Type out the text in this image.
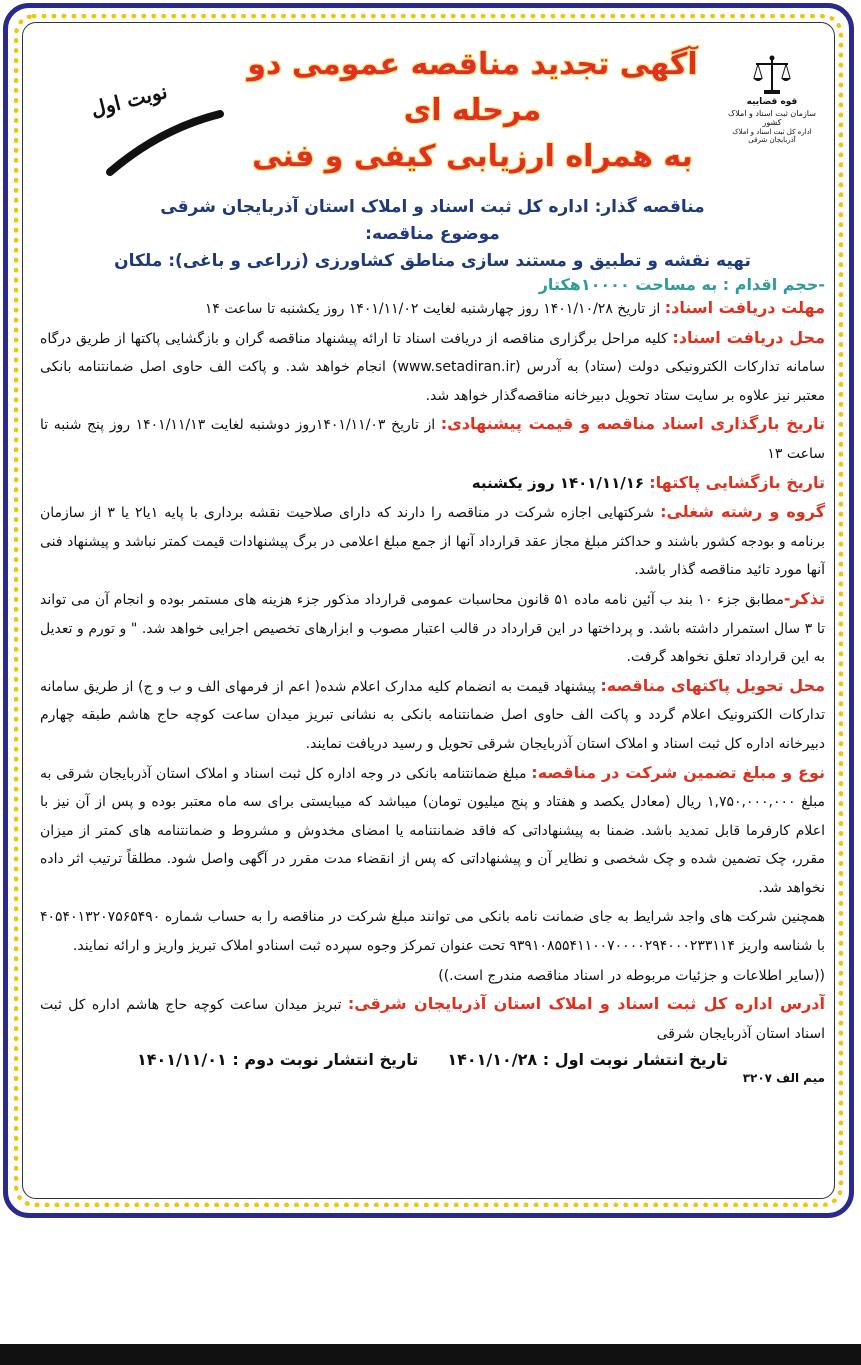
قوه قضاییه
سازمان ثبت اسناد و املاک کشور
اداره کل ثبت اسناد و املاک آذربایجان شرقی
نوبت اول
آگهی تجدید مناقصه عمومی دو مرحله ای
به همراه ارزیابی کیفی و فنی
مناقصه گذار: اداره کل ثبت اسناد و املاک استان آذربایجان شرقی
موضوع مناقصه:
تهیه نقشه و تطبیق و مستند سازی مناطق کشاورزی (زراعی و باغی): ملکان
-حجم اقدام : به مساحت ۱۰۰۰۰هکتار

مهلت دریافت اسناد: از تاریخ ۱۴۰۱/۱۰/۲۸ روز چهارشنبه لغایت ۱۴۰۱/۱۱/۰۲ روز یکشنبه تا ساعت ۱۴

محل دریافت اسناد: کلیه مراحل برگزاری مناقصه از دریافت اسناد تا ارائه پیشنهاد مناقصه گران و بازگشایی پاکتها از طریق درگاه سامانه تدارکات الکترونیکی دولت (ستاد) به آدرس (www.setadiran.ir) انجام خواهد شد. و پاکت الف حاوی اصل ضمانتنامه بانکی معتبر نیز علاوه بر سایت ستاد تحویل دبیرخانه مناقصه‌گذار خواهد شد.

تاریخ بارگذاری اسناد مناقصه و قیمت پیشنهادی: از تاریخ ۱۴۰۱/۱۱/۰۳روز دوشنبه لغایت ۱۴۰۱/۱۱/۱۳ روز پنج شنبه تا ساعت ۱۳

تاریخ بازگشایی پاکتها: ۱۴۰۱/۱۱/۱۶ روز یکشنبه

گروه و رشته شغلی: شرکتهایی اجازه شرکت در مناقصه را دارند که دارای صلاحیت نقشه برداری با پایه ۱یا۲ یا ۳ از سازمان برنامه و بودجه کشور باشند و حداکثر مبلغ مجاز عقد قرارداد آنها از جمع مبلغ اعلامی در برگ پیشنهادات قیمت کمتر نباشد و پیشنهاد فنی آنها مورد تائید مناقصه گذار باشد.

تذکر-مطابق جزء ۱۰ بند ب آئین نامه ماده ۵۱ قانون محاسبات عمومی قرارداد مذکور جزء هزینه های مستمر بوده و انجام آن می تواند تا ۳ سال استمرار داشته باشد. و پرداختها در این قرارداد در قالب اعتبار مصوب و ابزارهای تخصیص اجرایی خواهد شد. " و تورم و تعدیل به این قرارداد تعلق نخواهد گرفت.

محل تحویل پاکتهای مناقصه: پیشنهاد قیمت به انضمام کلیه مدارک اعلام شده( اعم از فرمهای الف و ب و ج) از طریق سامانه تدارکات الکترونیک اعلام گردد و پاکت الف حاوی اصل ضمانتنامه بانکی به نشانی تبریز میدان ساعت کوچه حاج هاشم طبقه چهارم دبیرخانه اداره کل ثبت اسناد و املاک استان آذربایجان شرقی تحویل و رسید دریافت نمایند.

نوع و مبلغ تضمین شرکت در مناقصه: مبلغ ضمانتنامه بانکی در وجه اداره کل ثبت اسناد و املاک استان آذربایجان شرقی به مبلغ ۱,۷۵۰,۰۰۰,۰۰۰ ریال (معادل یکصد و هفتاد و پنج میلیون تومان) میباشد که میبایستی برای سه ماه معتبر بوده و پس از آن نیز با اعلام کارفرما قابل تمدید باشد. ضمنا به پیشنهاداتی که فاقد ضمانتنامه یا امضای مخدوش و مشروط و ضمانتنامه های کمتر از میزان مقرر، چک تضمین شده و چک شخصی و نظایر آن و پیشنهاداتی که پس از انقضاء مدت مقرر در آگهی واصل شود. مطلقاً ترتیب اثر داده نخواهد شد.

همچنین شرکت های واجد شرایط به جای ضمانت نامه بانکی می توانند مبلغ شرکت در مناقصه را به حساب شماره ۴۰۵۴۰۱۳۲۰۷۵۶۵۴۹۰ با شناسه واریز ۹۳۹۱۰۸۵۵۴۱۱۰۰۷۰۰۰۰۲۹۴۰۰۰۲۳۳۱۱۴ تحت عنوان تمرکز وجوه سپرده ثبت اسنادو املاک تبریز واریز و ارائه نمایند.

((سایر اطلاعات و جزئیات مربوطه در اسناد مناقصه مندرج است.))

آدرس اداره کل ثبت اسناد و املاک استان آذربایجان شرقی: تبریز میدان ساعت کوچه حاج هاشم اداره کل ثبت اسناد استان آذربایجان شرقی

تاریخ انتشار نوبت اول : ۱۴۰۱/۱۰/۲۸  تاریخ انتشار نوبت دوم : ۱۴۰۱/۱۱/۰۱
میم الف ۳۲۰۷
